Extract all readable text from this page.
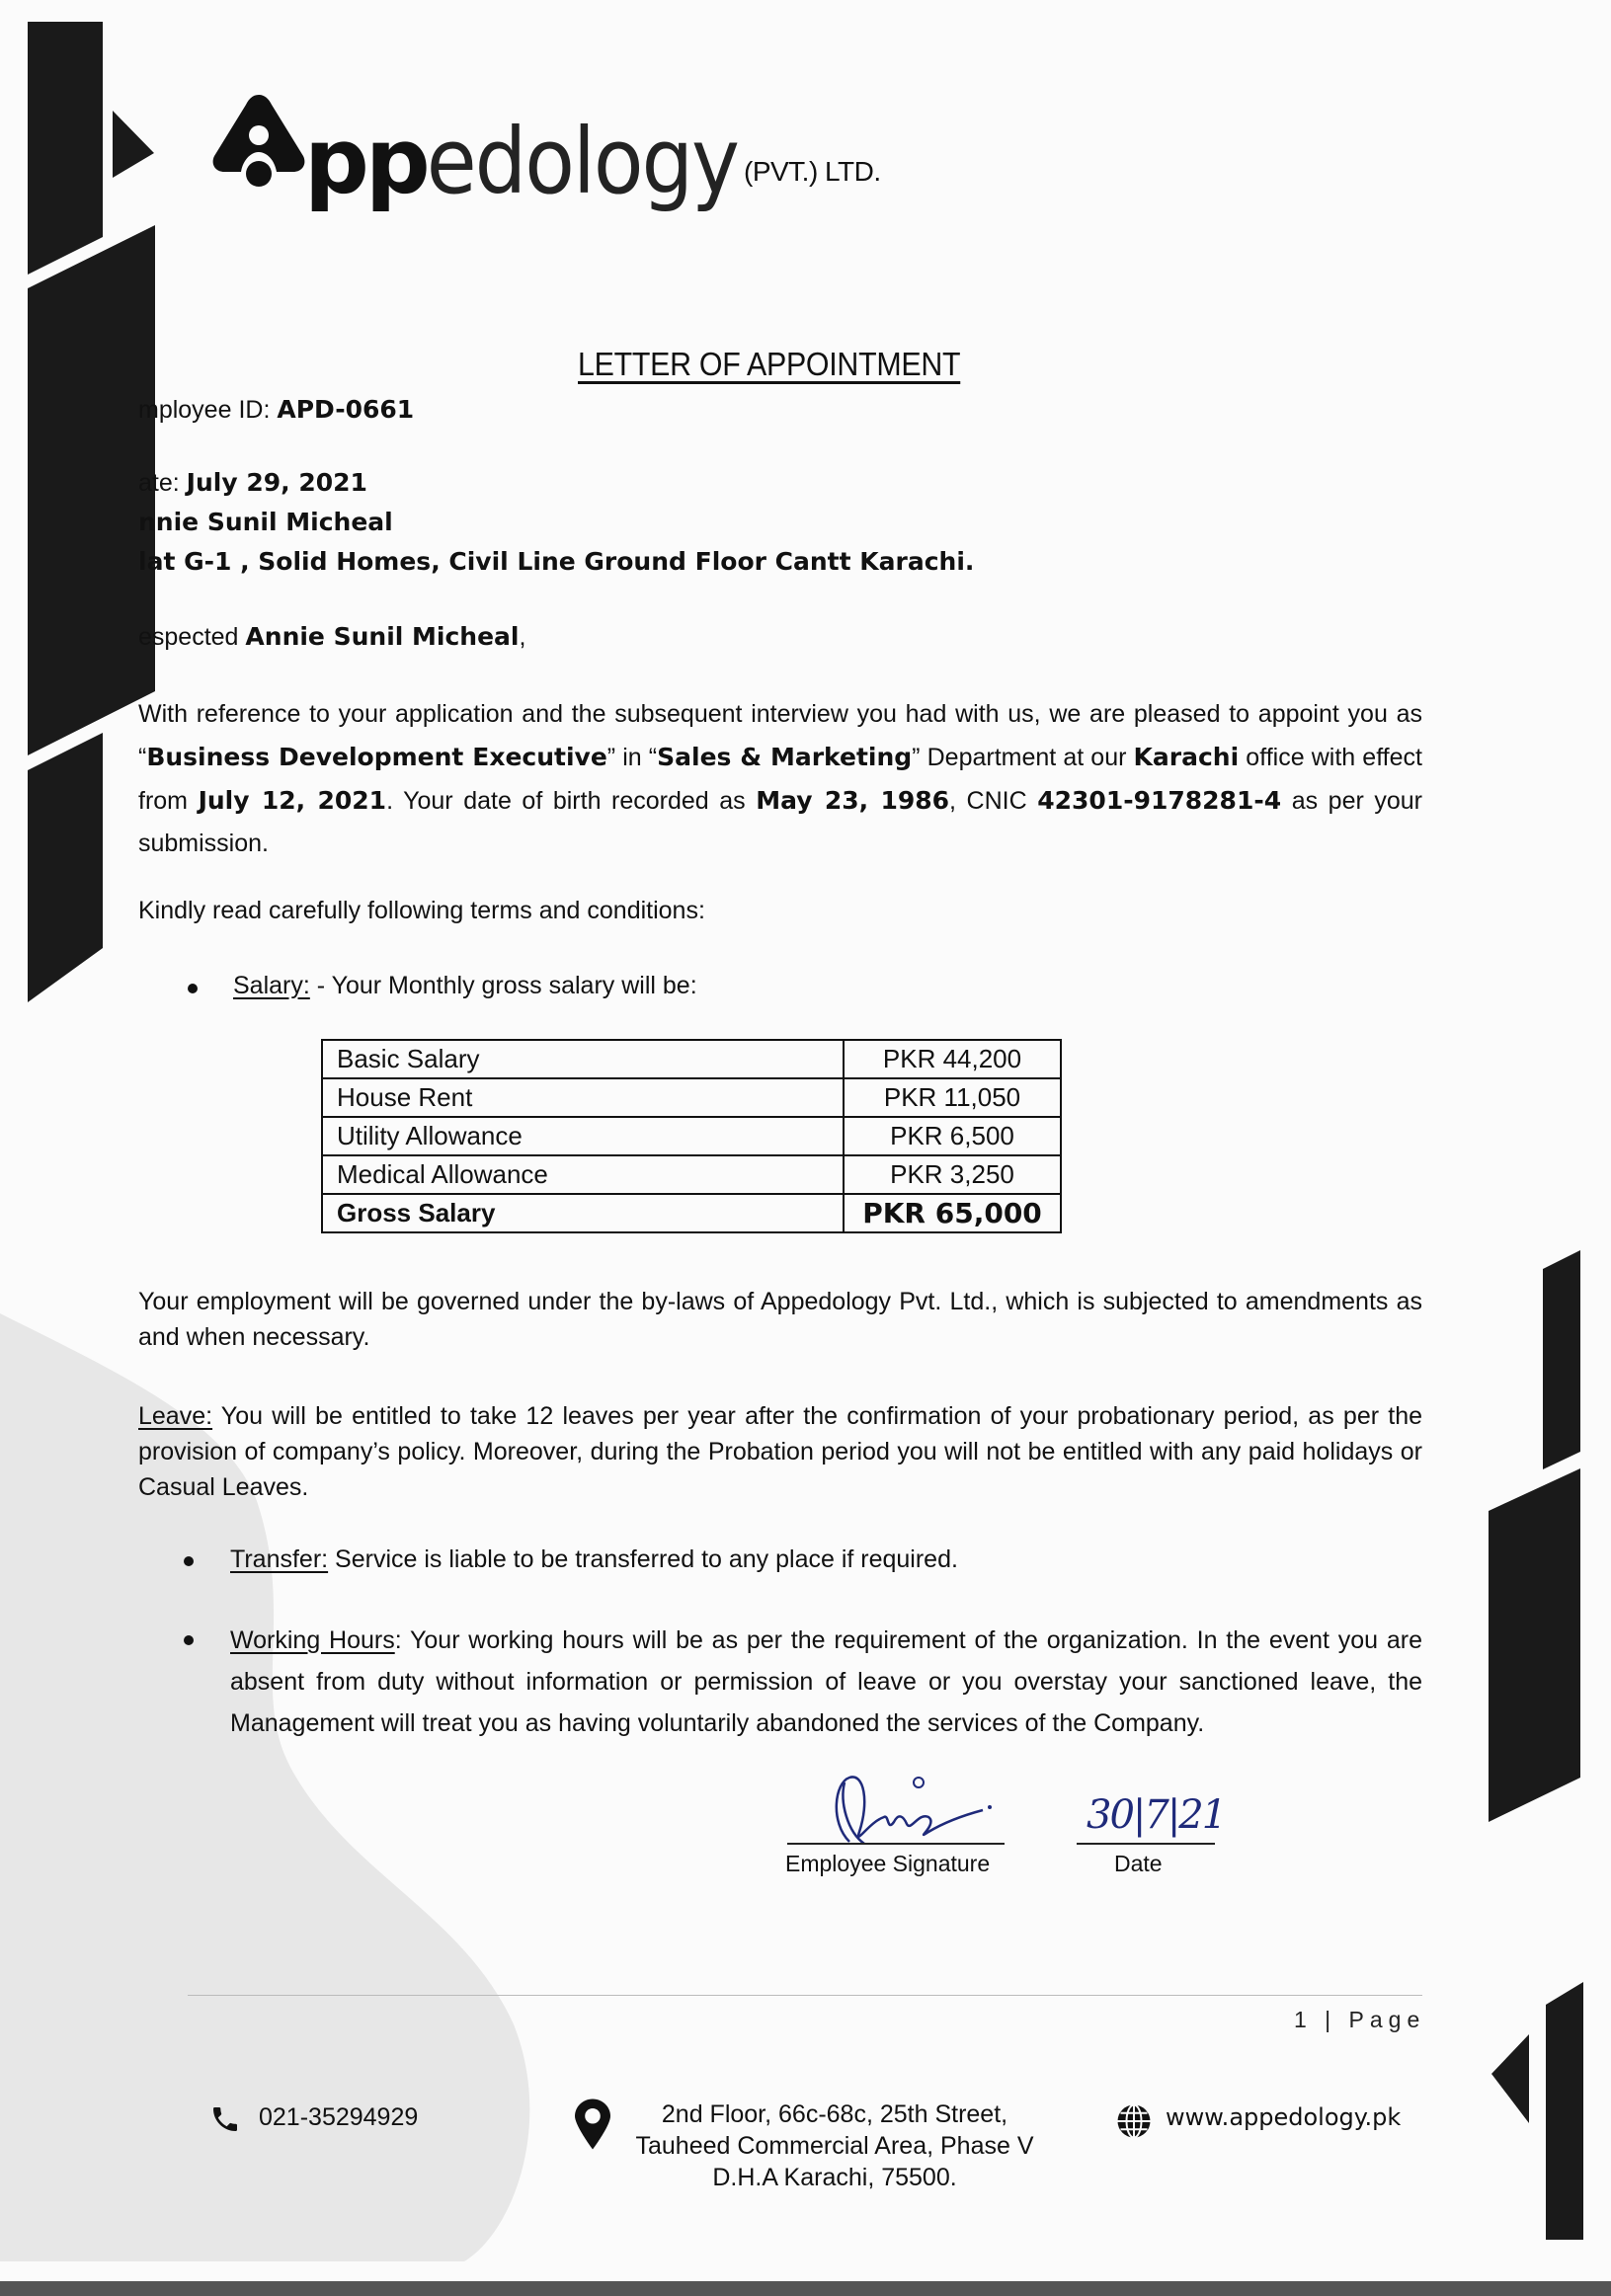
pp edology (PVT.) LTD.
LETTER OF APPOINTMENT
mployee ID: APD-0661
ate: July 29, 2021
nnie Sunil Micheal
lat G-1 , Solid Homes, Civil Line Ground Floor Cantt Karachi.
espected Annie Sunil Micheal,
With reference to your application and the subsequent interview you had with us, we are pleased to appoint you as “Business Development Executive” in “Sales & Marketing” Department at our Karachi office with effect from July 12, 2021. Your date of birth recorded as May 23, 1986, CNIC 42301-9178281-4 as per your submission.
Kindly read carefully following terms and conditions:
Salary: - Your Monthly gross salary will be:
Basic Salary	PKR 44,200
House Rent	PKR 11,050
Utility Allowance	PKR 6,500
Medical Allowance	PKR 3,250
Gross Salary	PKR 65,000
Your employment will be governed under the by-laws of Appedology Pvt. Ltd., which is subjected to amendments as and when necessary.
Leave: You will be entitled to take 12 leaves per year after the confirmation of your probationary period, as per the provision of company’s policy. Moreover, during the Probation period you will not be entitled with any paid holidays or Casual Leaves.
Transfer: Service is liable to be transferred to any place if required.
Working Hours: Your working hours will be as per the requirement of the organization. In the event you are absent from duty without information or permission of leave or you overstay your sanctioned leave, the Management will treat you as having voluntarily abandoned the services of the Company.
Employee Signature
30|7|21
Date
1 | Page
021-35294929	2nd Floor, 66c-68c, 25th Street,
Tauheed Commercial Area, Phase V
D.H.A Karachi, 75500.
www.appedology.pk
